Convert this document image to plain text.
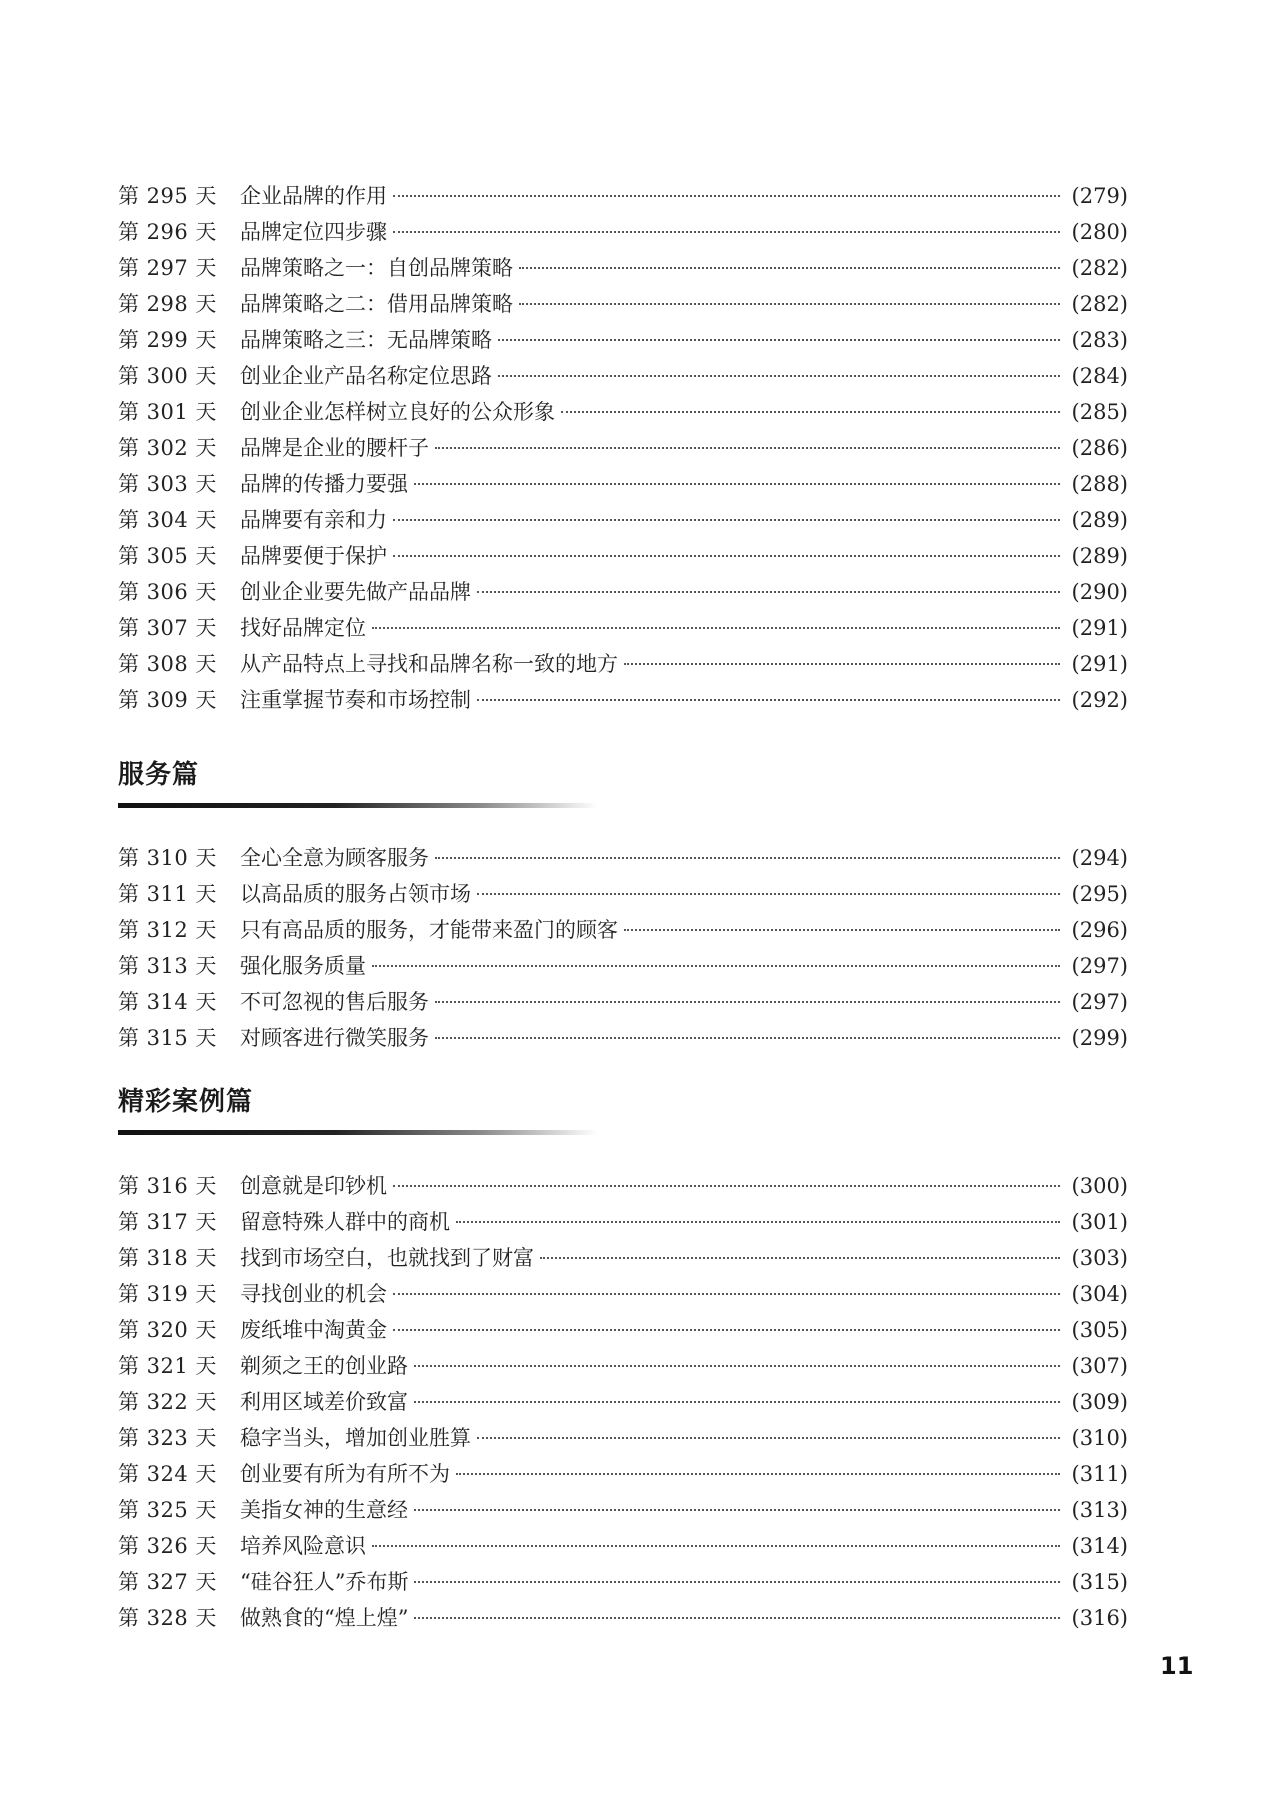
第 295 天	企业品牌的作用	(279)
第 296 天	品牌定位四步骤	(280)
第 297 天	品牌策略之一：自创品牌策略	(282)
第 298 天	品牌策略之二：借用品牌策略	(282)
第 299 天	品牌策略之三：无品牌策略	(283)
第 300 天	创业企业产品名称定位思路	(284)
第 301 天	创业企业怎样树立良好的公众形象	(285)
第 302 天	品牌是企业的腰杆子	(286)
第 303 天	品牌的传播力要强	(288)
第 304 天	品牌要有亲和力	(289)
第 305 天	品牌要便于保护	(289)
第 306 天	创业企业要先做产品品牌	(290)
第 307 天	找好品牌定位	(291)
第 308 天	从产品特点上寻找和品牌名称一致的地方	(291)
第 309 天	注重掌握节奏和市场控制	(292)
服务篇
第 310 天	全心全意为顾客服务	(294)
第 311 天	以高品质的服务占领市场	(295)
第 312 天	只有高品质的服务，才能带来盈门的顾客	(296)
第 313 天	强化服务质量	(297)
第 314 天	不可忽视的售后服务	(297)
第 315 天	对顾客进行微笑服务	(299)
精彩案例篇
第 316 天	创意就是印钞机	(300)
第 317 天	留意特殊人群中的商机	(301)
第 318 天	找到市场空白，也就找到了财富	(303)
第 319 天	寻找创业的机会	(304)
第 320 天	废纸堆中淘黄金	(305)
第 321 天	剃须之王的创业路	(307)
第 322 天	利用区域差价致富	(309)
第 323 天	稳字当头，增加创业胜算	(310)
第 324 天	创业要有所为有所不为	(311)
第 325 天	美指女神的生意经	(313)
第 326 天	培养风险意识	(314)
第 327 天	“硅谷狂人”乔布斯	(315)
第 328 天	做熟食的“煌上煌”	(316)
11
